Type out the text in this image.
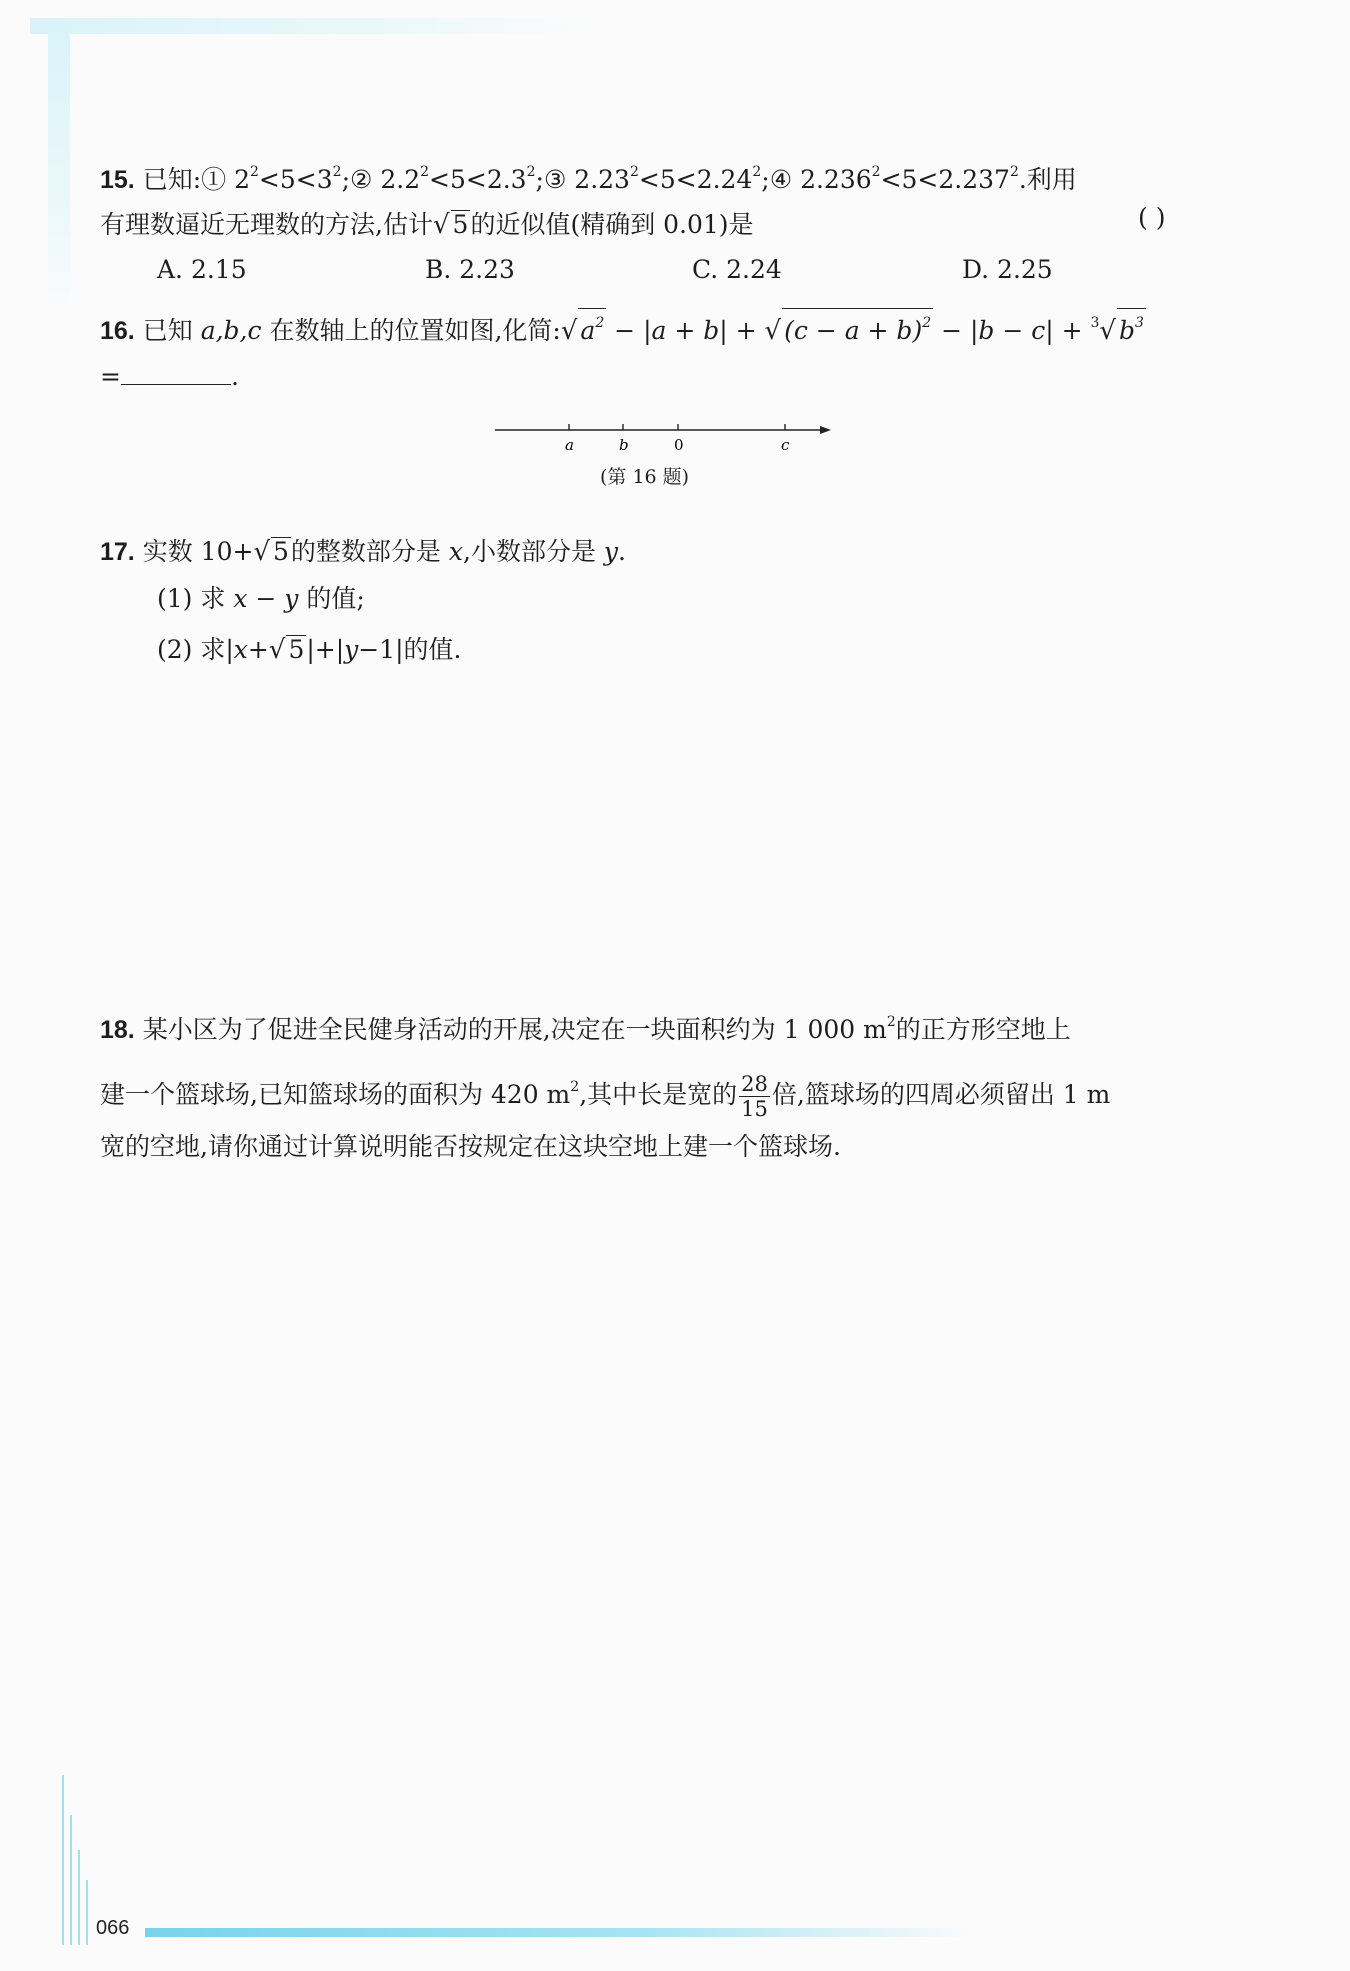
15. 已知:① $2^2<5<3^2;②$ $2.2^2<5<2.3^2;③$ $2.23^2<5<2.24^2;④$ $2.236^2<5<2.237^2$.利用
有理数逼近无理数的方法,估计√ 5的近似值(精确到 0.01)是	( )
A. 2.15	B. 2.23	C. 2.24	D. 2.25
16. 已知 a,b,c 在数轴上的位置如图,化简:√ $a^2 - |a + b|$ + √ $(c - a + b)^2 - |b - c| + ^3√$ $b^3$
=	.
a	b	0	c
(第 16 题)
17. 实数 10+√ 5的整数部分是 x,小数部分是 y.
(1) 求 x − y 的值;
(2) 求|x+√ 5|+|y−1|的值.
18. 某小区为了促进全民健身活动的开展,决定在一块面积约为 1 000 $m^2$的正方形空地上
建一个篮球场,已知篮球场的面积为 420 $m^2$,其中长是宽的 $\frac{28}{15}$ 倍,篮球场的四周必须留出 1 m
宽的空地,请你通过计算说明能否按规定在这块空地上建一个篮球场.
066
